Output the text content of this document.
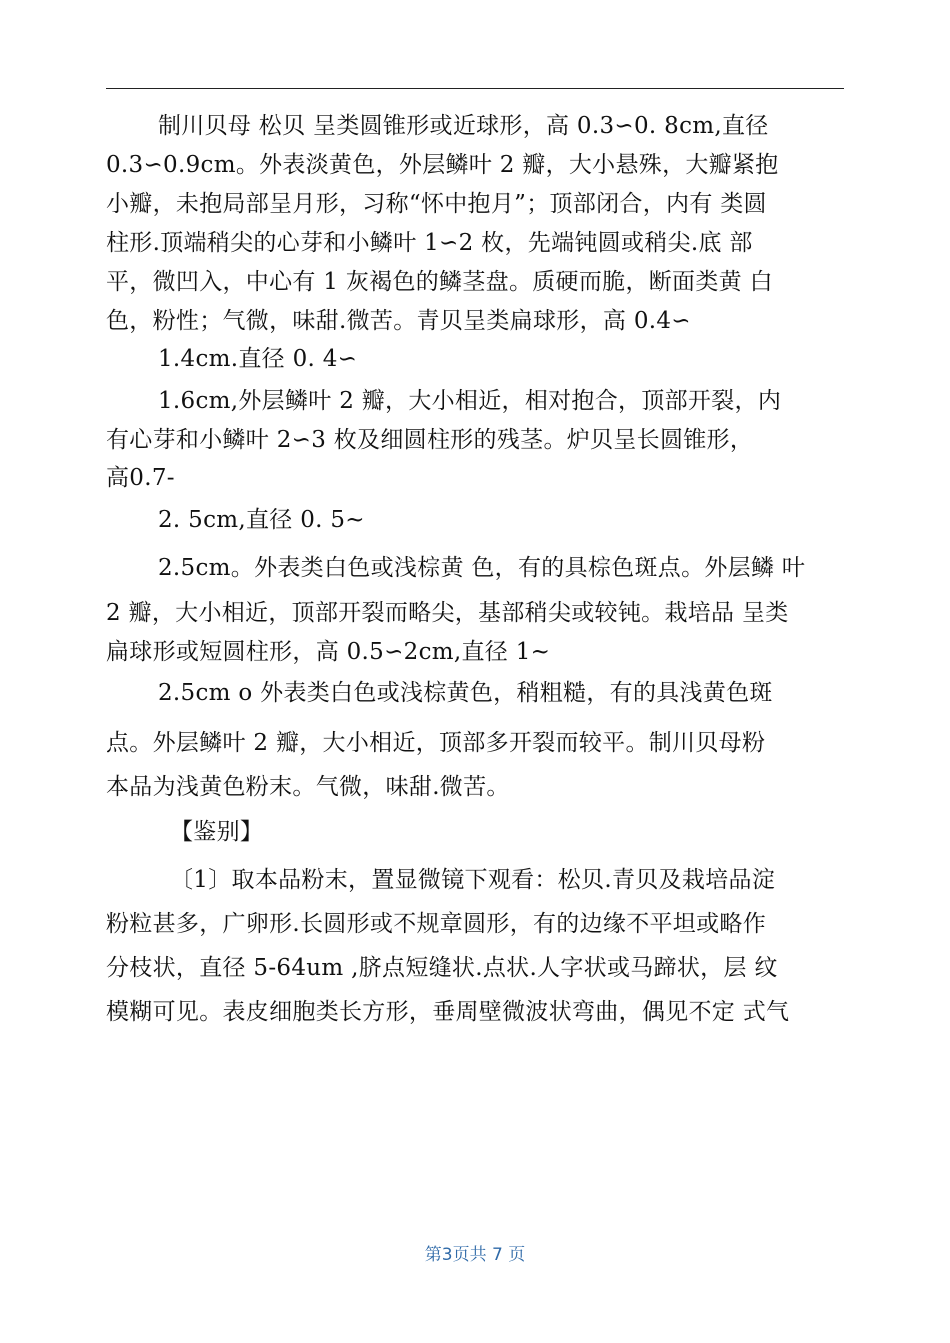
制川贝母 松贝 呈类圆锥形或近球形，高 0.3∽0. 8cm,直径
0.3∽0.9cm。外表淡黄色，外层鳞叶 2 瓣，大小悬殊，大瓣紧抱
小瓣，未抱局部呈月形，习称“怀中抱月”；顶部闭合，内有 类圆
柱形.顶端稍尖的心芽和小鳞叶 1∽2 枚，先端钝圆或稍尖.底 部
平，微凹入，中心有 1 灰褐色的鳞茎盘。质硬而脆，断面类黄 白
色，粉性；气微，味甜.微苦。青贝呈类扁球形，高 0.4∽
1.4cm.直径 0. 4∽
1.6cm,外层鳞叶 2 瓣，大小相近，相对抱合，顶部开裂，内
有心芽和小鳞叶 2∽3 枚及细圆柱形的残茎。炉贝呈长圆锥形，
高0.7-
2. 5cm,直径 0. 5~
2.5cm。外表类白色或浅棕黄 色，有的具棕色斑点。外层鳞 叶
2 瓣，大小相近，顶部开裂而略尖，基部稍尖或较钝。栽培品 呈类
扁球形或短圆柱形，高 0.5∽2cm,直径 1~
2.5cm o 外表类白色或浅棕黄色，稍粗糙，有的具浅黄色斑
点。外层鳞叶 2 瓣，大小相近，顶部多开裂而较平。制川贝母粉
本品为浅黄色粉末。气微，味甜.微苦。
【鉴别】
〔1〕取本品粉末，置显微镜下观看：松贝.青贝及栽培品淀
粉粒甚多，广卵形.长圆形或不规章圆形，有的边缘不平坦或略作
分枝状，直径 5-64um ,脐点短缝状.点状.人字状或马蹄状，层 纹
模糊可见。表皮细胞类长方形，垂周壁微波状弯曲，偶见不定 式气
第3页共 7 页
